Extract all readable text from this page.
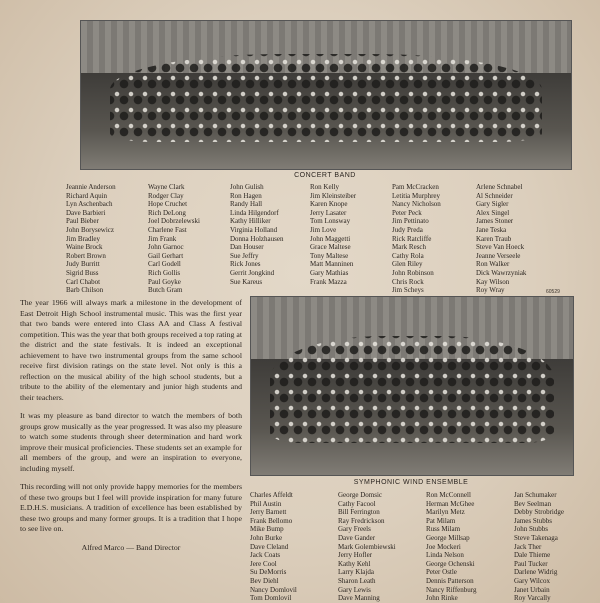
CONCERT BAND
Jeannie Anderson
Richard Aquin
Lyn Aschenbach
Dave Barbieri
Paul Bieber
John Borysewicz
Jim Bradley
Waine Brock
Robert Brown
Judy Burritt
Sigrid Buss
Carl Chabot
Barb Chilson
Wayne Clark
Rodger Clay
Hope Cruchet
Rich DeLong
Joel Dobrzelewski
Charlene Fast
Jim Frank
John Garnoc
Gail Gerhart
Carl Godell
Rich Gollis
Paul Goyke
Butch Gram
John Gulish
Ron Hagen
Randy Hall
Linda Hilgendorf
Kathy Hilliker
Virginia Holland
Donna Holzhausen
Dan Houser
Sue Jeffry
Rick Jones
Gerrit Jongkind
Sue Kareus
Ron Kelly
Jim Kleinsteiber
Karen Knope
Jerry Lasater
Tom Lonsway
Jim Love
John Maggetti
Grace Maltese
Tony Maltese
Matt Manninen
Gary Mathias
Frank Mazza
Pam McCracken
Letitia Murphrey
Nancy Nicholson
Peter Peck
Jim Pettinato
Judy Preda
Rick Ratcliffe
Mark Resch
Cathy Rola
Glen Riley
John Robinson
Chris Rock
Jim Scheys
Arlene Schnabel
Al Schneider
Gary Sigler
Alex Singel
James Stoner
Jane Teska
Karen Traub
Steve Van Hoeck
Jeanne Verseele
Ron Walker
Dick Wawrzyniak
Kay Wilson
Roy Wray	60529

The year 1966 will always mark a milestone in the development of East Detroit High School instrumental music. This was the first year that two bands were entered into Class AA and Class A festival competition. This was the year that both groups received a top rating at the district and the state festivals. It is indeed an exceptional achievement to have two instrumental groups from the same school receive first division ratings on the state level. Not only is this a reflection on the musical ability of the high school students, but a tribute to the ability of the elementary and junior high students and their teachers.

It was my pleasure as band director to watch the members of both groups grow musically as the year progressed. It was also my pleasure to watch some students through sheer determination and hard work improve their musical proficiencies. These students set an example for all members of the group, and were an inspiration to everyone, including myself.

This recording will not only provide happy memories for the members of these two groups but I feel will provide inspiration for many future E.D.H.S. musicians. A tradition of excellence has been established by these two groups and many former groups. It is a tradition that I hope to see live on.

Alfred Marco — Band Director
SYMPHONIC WIND ENSEMBLE
Charles Affeldt
Phil Austin
Jerry Barnett
Frank Bellomo
Mike Bump
John Burke
Dave Cleland
Jack Coats
Jere Cool
Su DeMorris
Bev Diehl
Nancy Domlovil
Tom Domlovil
George Domsic
Cathy Facool
Bill Ferrington
Ray Fredrickson
Gary Freels
Dave Gander
Mark Golembiewski
Jerry Hofler
Kathy Kehl
Larry Klajda
Sharon Leath
Gary Lewis
Dave Manning
Ron McConnell
Herman McGhee
Marilyn Metz
Pat Milam
Russ Milam
George Millsap
Joe Mockeri
Linda Nelson
George Ochenski
Peter Ostle
Dennis Patterson
Nancy Riffenburg
John Rinke
Jan Schumaker
Bev Seelman
Debby Strobridge
James Stubbs
John Stubbs
Steve Takenaga
Jack Ther
Dale Thieme
Paul Tucker
Darlene Widrig
Gary Wilcox
Janet Urbain
Roy Varcally
